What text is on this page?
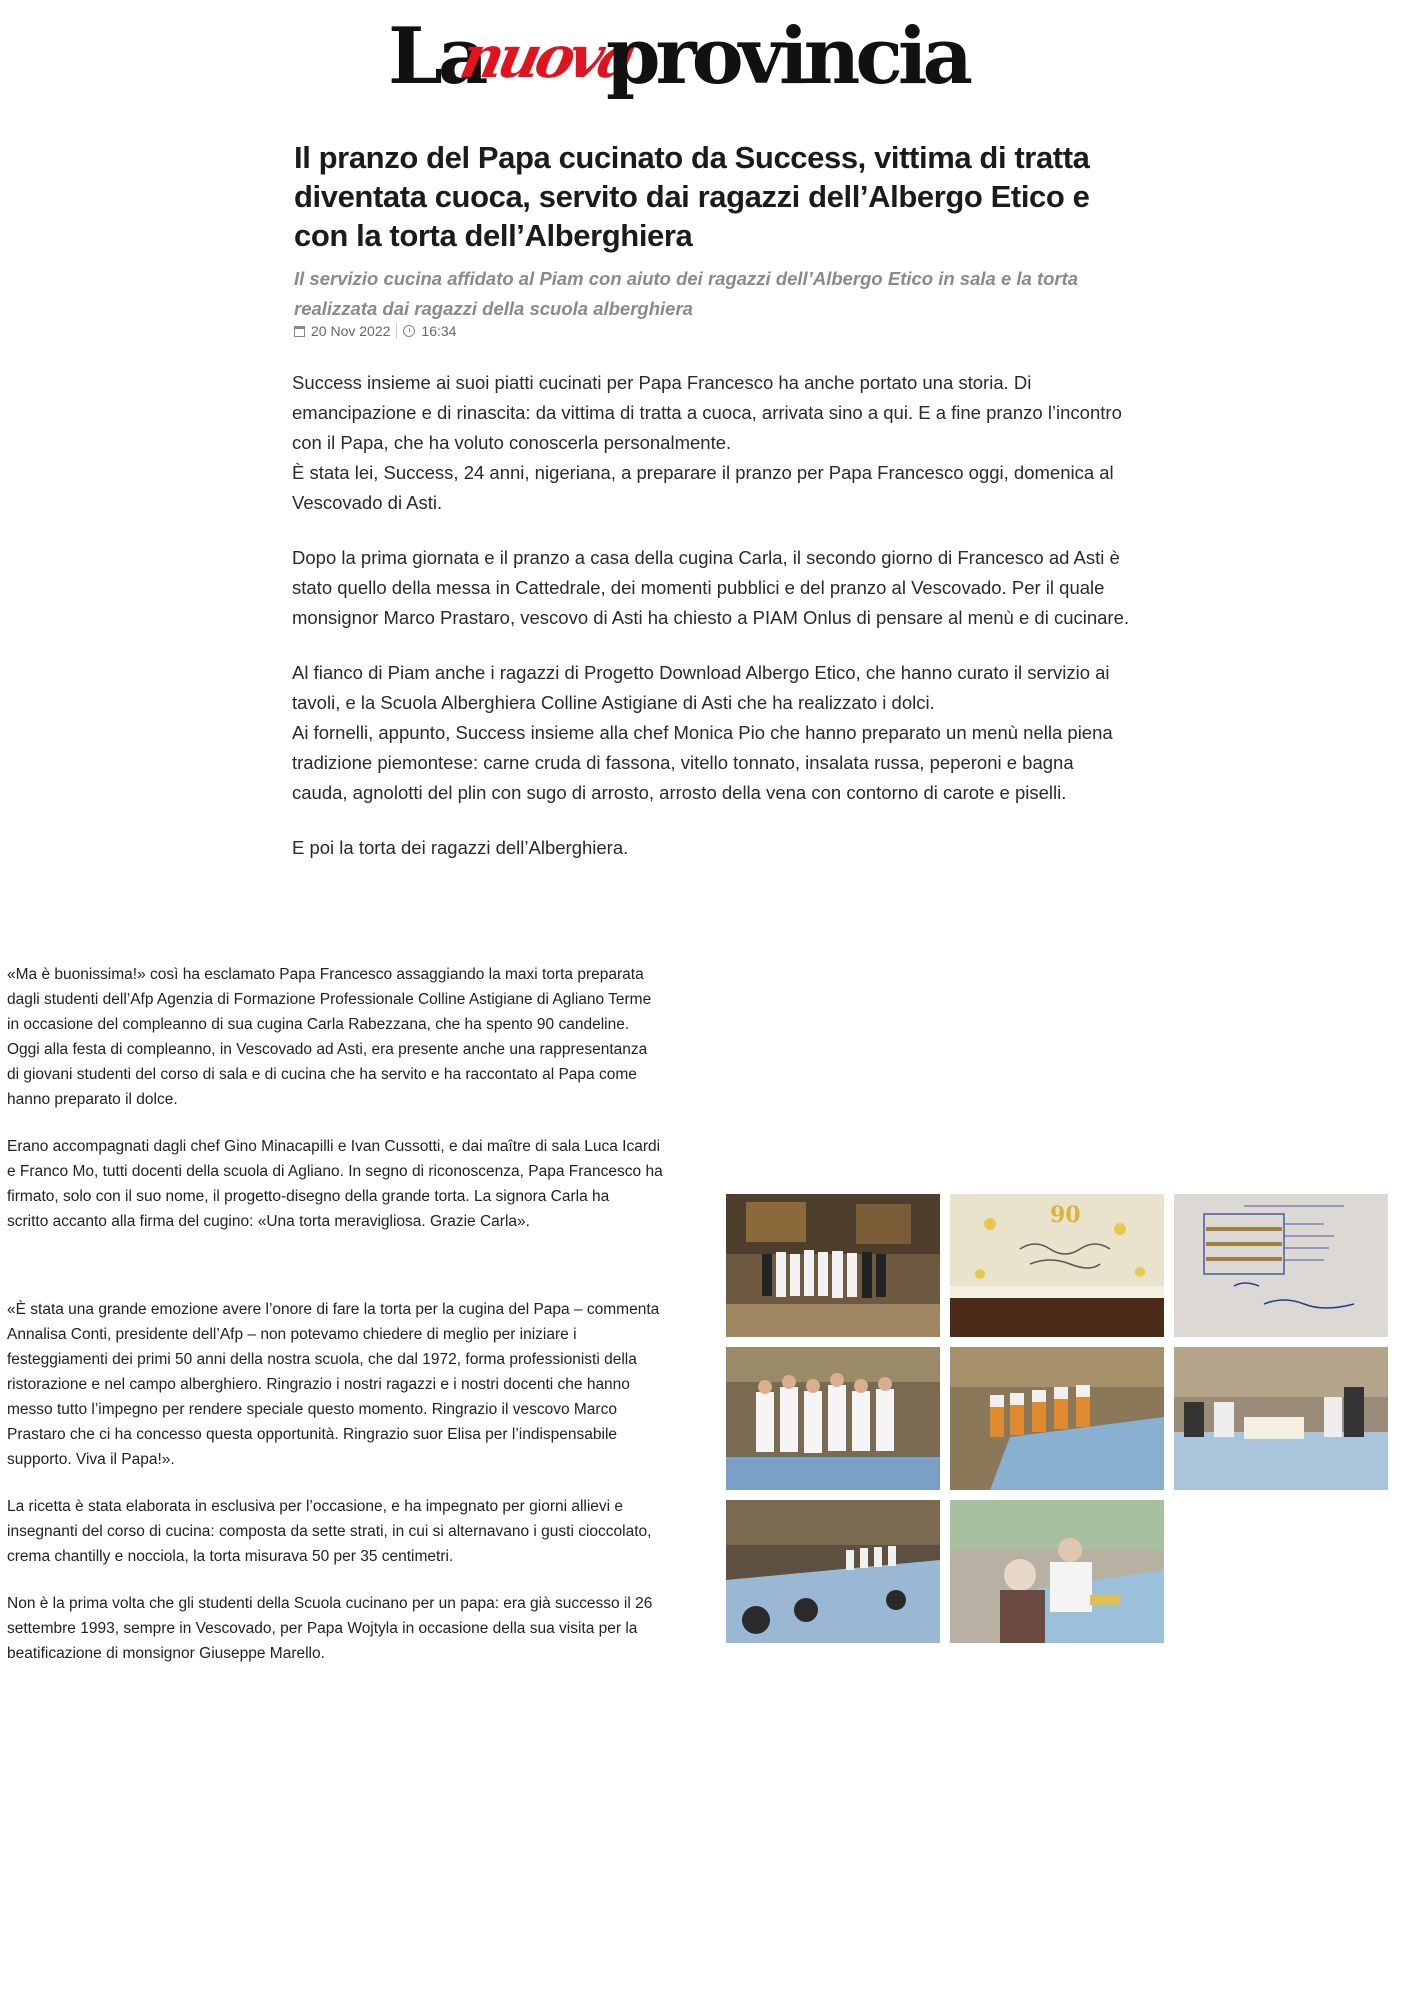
La
nuova
provincia
Il pranzo del Papa cucinato da Success, vittima di tratta diventata cuoca, servito dai ragazzi dell’Albergo Etico e con la torta dell’Alberghiera

Il servizio cucina affidato al Piam con aiuto dei ragazzi dell’Albergo Etico in sala e la torta realizzata dai ragazzi della scuola alberghiera

20 Nov 2022 16:34

Success insieme ai suoi piatti cucinati per Papa Francesco ha anche portato una storia. Di emancipazione e di rinascita: da vittima di tratta a cuoca, arrivata sino a qui. E a fine pranzo l’incontro con il Papa, che ha voluto conoscerla personalmente.
È stata lei, Success, 24 anni, nigeriana, a preparare il pranzo per Papa Francesco oggi, domenica al Vescovado di Asti.

Dopo la prima giornata e il pranzo a casa della cugina Carla, il secondo giorno di Francesco ad Asti è stato quello della messa in Cattedrale, dei momenti pubblici e del pranzo al Vescovado. Per il quale monsignor Marco Prastaro, vescovo di Asti ha chiesto a PIAM Onlus di pensare al menù e di cucinare.

Al fianco di Piam anche i ragazzi di Progetto Download Albergo Etico, che hanno curato il servizio ai tavoli, e la Scuola Alberghiera Colline Astigiane di Asti che ha realizzato i dolci.
Ai fornelli, appunto, Success insieme alla chef Monica Pio che hanno preparato un menù nella piena tradizione piemontese: carne cruda di fassona, vitello tonnato, insalata russa, peperoni e bagna cauda, agnolotti del plin con sugo di arrosto, arrosto della vena con contorno di carote e piselli.

E poi la torta dei ragazzi dell’Alberghiera.

«Ma è buonissima!» così ha esclamato Papa Francesco assaggiando la maxi torta preparata
dagli studenti dell’Afp Agenzia di Formazione Professionale Colline Astigiane di Agliano Terme
in occasione del compleanno di sua cugina Carla Rabezzana, che ha spento 90 candeline.
Oggi alla festa di compleanno, in Vescovado ad Asti, era presente anche una rappresentanza
di giovani studenti del corso di sala e di cucina che ha servito e ha raccontato al Papa come
hanno preparato il dolce.

Erano accompagnati dagli chef Gino Minacapilli e Ivan Cussotti, e dai maître di sala Luca Icardi
e Franco Mo, tutti docenti della scuola di Agliano. In segno di riconoscenza, Papa Francesco ha
firmato, solo con il suo nome, il progetto-disegno della grande torta. La signora Carla ha
scritto accanto alla firma del cugino: «Una torta meravigliosa. Grazie Carla».

«È stata una grande emozione avere l’onore di fare la torta per la cugina del Papa – commenta
Annalisa Conti, presidente dell’Afp – non potevamo chiedere di meglio per iniziare i
festeggiamenti dei primi 50 anni della nostra scuola, che dal 1972, forma professionisti della
ristorazione e nel campo alberghiero. Ringrazio i nostri ragazzi e i nostri docenti che hanno
messo tutto l’impegno per rendere speciale questo momento. Ringrazio il vescovo Marco
Prastaro che ci ha concesso questa opportunità. Ringrazio suor Elisa per l’indispensabile
supporto. Viva il Papa!».

La ricetta è stata elaborata in esclusiva per l’occasione, e ha impegnato per giorni allievi e
insegnanti del corso di cucina: composta da sette strati, in cui si alternavano i gusti cioccolato,
crema chantilly e nocciola, la torta misurava 50 per 35 centimetri.

Non è la prima volta che gli studenti della Scuola cucinano per un papa: era già successo il 26
settembre 1993, sempre in Vescovado, per Papa Wojtyla in occasione della sua visita per la
beatificazione di monsignor Giuseppe Marello.

90
